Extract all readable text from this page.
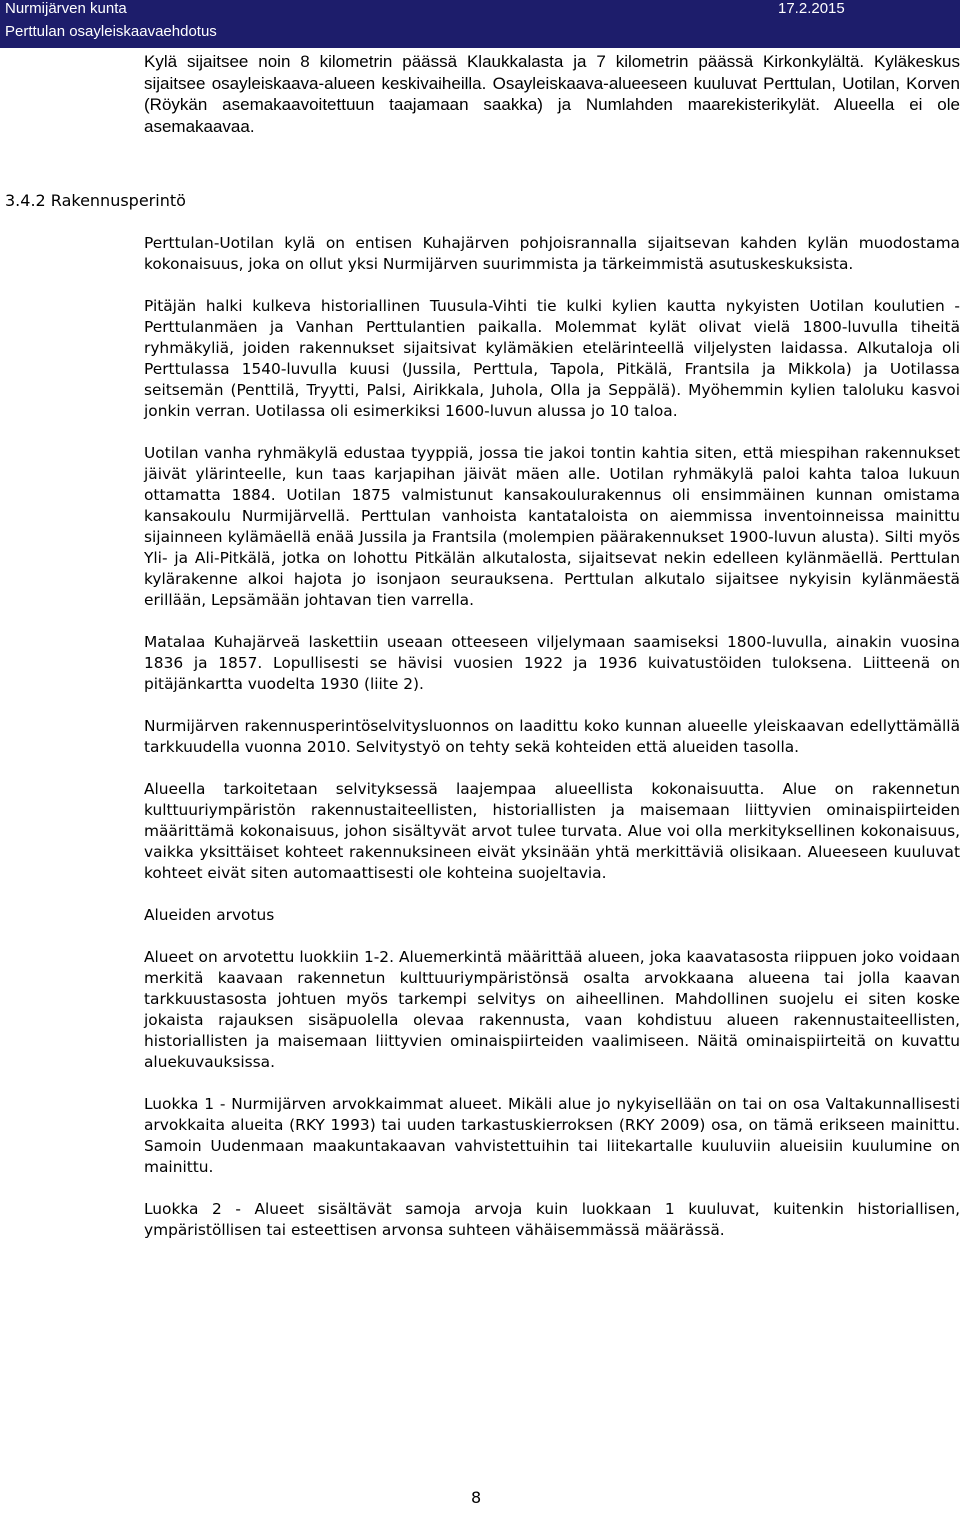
Nurmijärven kunta	17.2.2015
Perttulan osayleiskaavaehdotus
Kylä sijaitsee noin 8 kilometrin päässä Klaukkalasta ja 7 kilometrin päässä Kirkonkylältä. Kyläkeskus sijaitsee osayleiskaava-alueen keskivaiheilla. Osayleiskaava-alueeseen kuuluvat Perttulan, Uotilan, Korven (Röykän asemakaavoitettuun taajamaan saakka) ja Numlahden maarekisterikylät. Alueella ei ole asemakaavaa.
3.4.2 Rakennusperintö

Perttulan-Uotilan kylä on entisen Kuhajärven pohjoisrannalla sijaitsevan kahden kylän muodostama kokonaisuus, joka on ollut yksi Nurmijärven suurimmista ja tärkeimmistä asutuskeskuksista.

Pitäjän halki kulkeva historiallinen Tuusula-Vihti tie kulki kylien kautta nykyisten Uotilan koulutien - Perttulanmäen ja Vanhan Perttulantien paikalla. Molemmat kylät olivat vielä 1800-luvulla tiheitä ryhmäkyliä, joiden rakennukset sijaitsivat kylämäkien etelärinteellä viljelysten laidassa. Alkutaloja oli Perttulassa 1540-luvulla kuusi (Jussila, Perttula, Tapola, Pitkälä, Frantsila ja Mikkola) ja Uotilassa seitsemän (Penttilä, Tryytti, Palsi, Airikkala, Juhola, Olla ja Seppälä). Myöhemmin kylien taloluku kasvoi jonkin verran. Uotilassa oli esimerkiksi 1600-luvun alussa jo 10 taloa.

Uotilan vanha ryhmäkylä edustaa tyyppiä, jossa tie jakoi tontin kahtia siten, että miespihan rakennukset jäivät ylärinteelle, kun taas karjapihan jäivät mäen alle. Uotilan ryhmäkylä paloi kahta taloa lukuun ottamatta 1884. Uotilan 1875 valmistunut kansakoulurakennus oli ensimmäinen kunnan omistama kansakoulu Nurmijärvellä. Perttulan vanhoista kantataloista on aiemmissa inventoinneissa mainittu sijainneen kylämäellä enää Jussila ja Frantsila (molempien päärakennukset 1900-luvun alusta). Silti myös Yli- ja Ali-Pitkälä, jotka on lohottu Pitkälän alkutalosta, sijaitsevat nekin edelleen kylänmäellä. Perttulan kylärakenne alkoi hajota jo isonjaon seurauksena. Perttulan alkutalo sijaitsee nykyisin kylänmäestä erillään, Lepsämään johtavan tien varrella.

Matalaa Kuhajärveä laskettiin useaan otteeseen viljelymaan saamiseksi 1800-luvulla, ainakin vuosina 1836 ja 1857. Lopullisesti se hävisi vuosien 1922 ja 1936 kuivatustöiden tuloksena. Liitteenä on pitäjänkartta vuodelta 1930 (liite 2).

Nurmijärven rakennusperintöselvitysluonnos on laadittu koko kunnan alueelle yleiskaavan edellyttämällä tarkkuudella vuonna 2010. Selvitystyö on tehty sekä kohteiden että alueiden tasolla.

Alueella tarkoitetaan selvityksessä laajempaa alueellista kokonaisuutta. Alue on rakennetun kulttuuriympäristön rakennustaiteellisten, historiallisten ja maisemaan liittyvien ominaispiirteiden määrittämä kokonaisuus, johon sisältyvät arvot tulee turvata. Alue voi olla merkityksellinen kokonaisuus, vaikka yksittäiset kohteet rakennuksineen eivät yksinään yhtä merkittäviä olisikaan. Alueeseen kuuluvat kohteet eivät siten automaattisesti ole kohteina suojeltavia.

Alueiden arvotus

Alueet on arvotettu luokkiin 1-2. Aluemerkintä määrittää alueen, joka kaavatasosta riippuen joko voidaan merkitä kaavaan rakennetun kulttuuriympäristönsä osalta arvokkaana alueena tai jolla kaavan tarkkuustasosta johtuen myös tarkempi selvitys on aiheellinen. Mahdollinen suojelu ei siten koske jokaista rajauksen sisäpuolella olevaa rakennusta, vaan kohdistuu alueen rakennustaiteellisten, historiallisten ja maisemaan liittyvien ominaispiirteiden vaalimiseen. Näitä ominaispiirteitä on kuvattu aluekuvauksissa.

Luokka 1 - Nurmijärven arvokkaimmat alueet. Mikäli alue jo nykyisellään on tai on osa Valtakunnallisesti arvokkaita alueita (RKY 1993) tai uuden tarkastuskierroksen (RKY 2009) osa, on tämä erikseen mainittu. Samoin Uudenmaan maakuntakaavan vahvistettuihin tai liitekartalle kuuluviin alueisiin kuulumine on mainittu.

Luokka 2 - Alueet sisältävät samoja arvoja kuin luokkaan 1 kuuluvat, kuitenkin historiallisen, ympäristöllisen tai esteettisen arvonsa suhteen vähäisemmässä määrässä.

8
